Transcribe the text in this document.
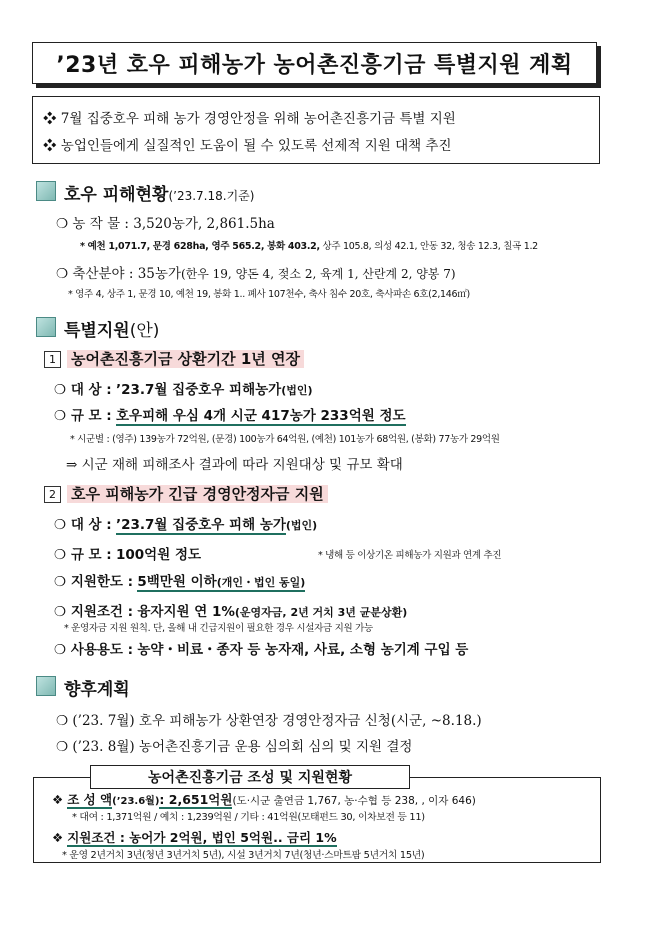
’23년 호우 피해농가 농어촌진흥기금 특별지원 계획
❖ 7월 집중호우 피해 농가 경영안정을 위해 농어촌진흥기금 특별 지원
❖ 농업인들에게 실질적인 도움이 될 수 있도록 선제적 지원 대책 추진
호우 피해현황(’23.7.18.기준)
❍ 농 작 물 : 3,520농가, 2,861.5ha
* 예천 1,071.7, 문경 628ha, 영주 565.2, 봉화 403.2, 상주 105.8, 의성 42.1, 안동 32, 청송 12.3, 칠곡 1.2
❍ 축산분야 : 35농가(한우 19, 양돈 4, 젖소 2, 육계 1, 산란계 2, 양봉 7)
* 영주 4, 상주 1, 문경 10, 예천 19, 봉화 1.. 폐사 107천수, 축사 침수 20호, 축사파손 6호(2,146㎡)
특별지원(안)
1 농어촌진흥기금 상환기간 1년 연장
❍ 대 상 : ’23.7월 집중호우 피해농가(법인)
❍ 규 모 : 호우피해 우심 4개 시군 417농가 233억원 정도
* 시군별 : (영주) 139농가 72억원, (문경) 100농가 64억원, (예천) 101농가 68억원, (봉화) 77농가 29억원
⇒ 시군 재해 피해조사 결과에 따라 지원대상 및 규모 확대
2 호우 피해농가 긴급 경영안정자금 지원
❍ 대 상 : ’23.7월 집중호우 피해 농가(법인)
❍ 규 모 : 100억원 정도	* 냉해 등 이상기온 피해농가 지원과 연계 추진
❍ 지원한도 : 5백만원 이하(개인・법인 동일)
❍ 지원조건 : 융자지원 연 1%(운영자금, 2년 거치 3년 균분상환)
* 운영자금 지원 원칙. 단, 올해 내 긴급지원이 필요한 경우 시설자금 지원 가능
❍ 사용용도 : 농약・비료・종자 등 농자재, 사료, 소형 농기계 구입 등
향후계획
❍ (’23. 7월) 호우 피해농가 상환연장 경영안정자금 신청(시군, ~8.18.)
❍ (’23. 8월) 농어촌진흥기금 운용 심의회 심의 및 지원 결정
농어촌진흥기금 조성 및 지원현황
❖ 조 성 액(’23.6월): 2,651억원(도·시군 출연금 1,767, 농·수협 등 238, , 이자 646)
* 대여 : 1,371억원 / 예치 : 1,239억원 / 기타 : 41억원(모태펀드 30, 이차보전 등 11)
❖ 지원조건 : 농어가 2억원, 법인 5억원.. 금리 1%
* 운영 2년거치 3년(청년 3년거치 5년), 시설 3년거치 7년(청년·스마트팜 5년거치 15년)
